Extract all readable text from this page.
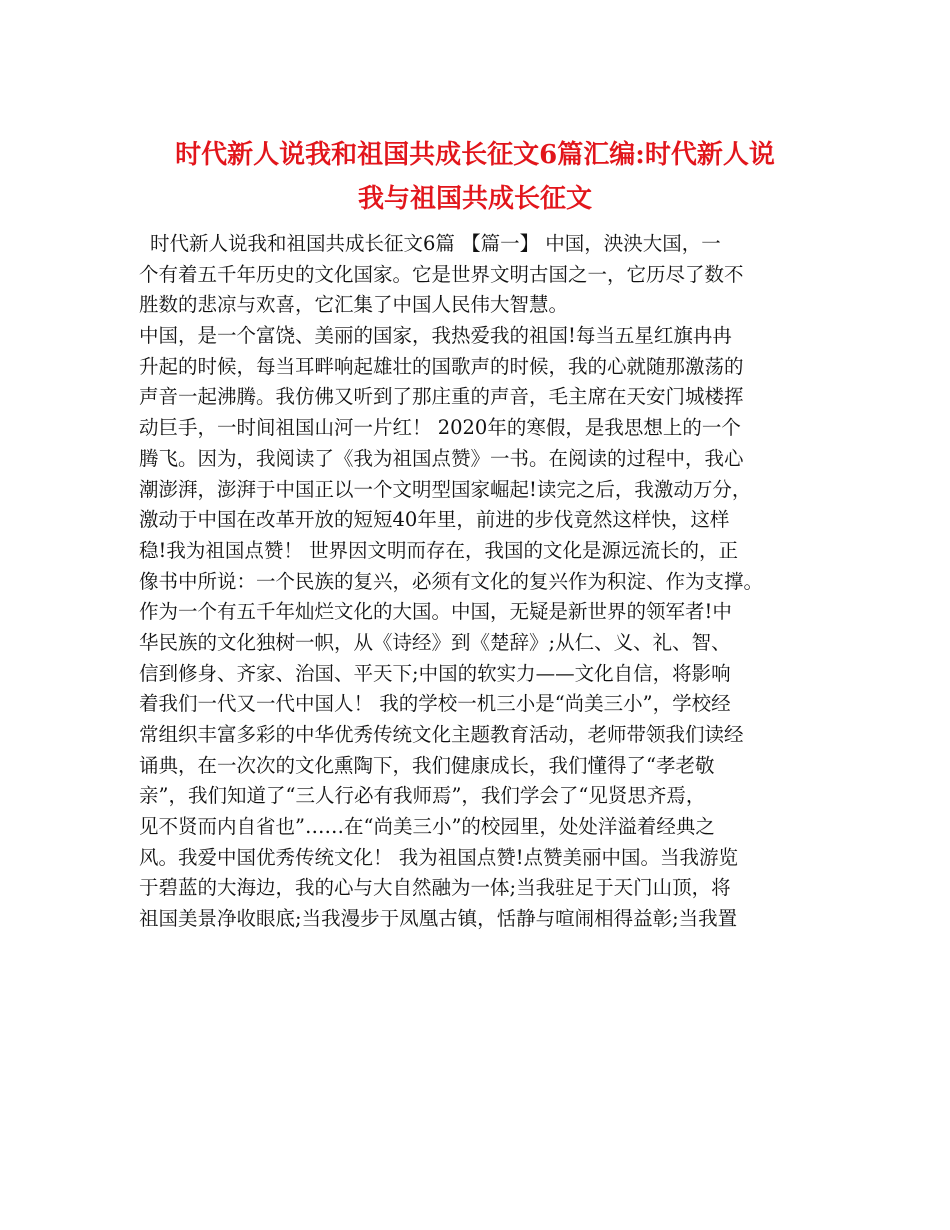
时代新人说我和祖国共成长征文6篇汇编:时代新人说
我与祖国共成长征文
时代新人说我和祖国共成长征文6篇 【篇一】 中国，泱泱大国，一
个有着五千年历史的文化国家。它是世界文明古国之一，它历尽了数不
胜数的悲凉与欢喜，它汇集了中国人民伟大智慧。
中国，是一个富饶、美丽的国家，我热爱我的祖国!每当五星红旗冉冉
升起的时候，每当耳畔响起雄壮的国歌声的时候，我的心就随那激荡的
声音一起沸腾。我仿佛又听到了那庄重的声音，毛主席在天安门城楼挥
动巨手，一时间祖国山河一片红！ 2020年的寒假，是我思想上的一个
腾飞。因为，我阅读了《我为祖国点赞》一书。在阅读的过程中，我心
潮澎湃，澎湃于中国正以一个文明型国家崛起!读完之后，我激动万分，
激动于中国在改革开放的短短40年里，前进的步伐竟然这样快，这样
稳!我为祖国点赞！ 世界因文明而存在，我国的文化是源远流长的，正
像书中所说：一个民族的复兴，必须有文化的复兴作为积淀、作为支撑。
作为一个有五千年灿烂文化的大国。中国，无疑是新世界的领军者!中
华民族的文化独树一帜，从《诗经》到《楚辞》;从仁、义、礼、智、
信到修身、齐家、治国、平天下;中国的软实力——文化自信，将影响
着我们一代又一代中国人！ 我的学校一机三小是“尚美三小”，学校经
常组织丰富多彩的中华优秀传统文化主题教育活动，老师带领我们读经
诵典，在一次次的文化熏陶下，我们健康成长，我们懂得了“孝老敬
亲”，我们知道了“三人行必有我师焉”，我们学会了“见贤思齐焉，
见不贤而内自省也”……在“尚美三小”的校园里，处处洋溢着经典之
风。我爱中国优秀传统文化！ 我为祖国点赞!点赞美丽中国。当我游览
于碧蓝的大海边，我的心与大自然融为一体;当我驻足于天门山顶，将
祖国美景净收眼底;当我漫步于凤凰古镇，恬静与喧闹相得益彰;当我置
